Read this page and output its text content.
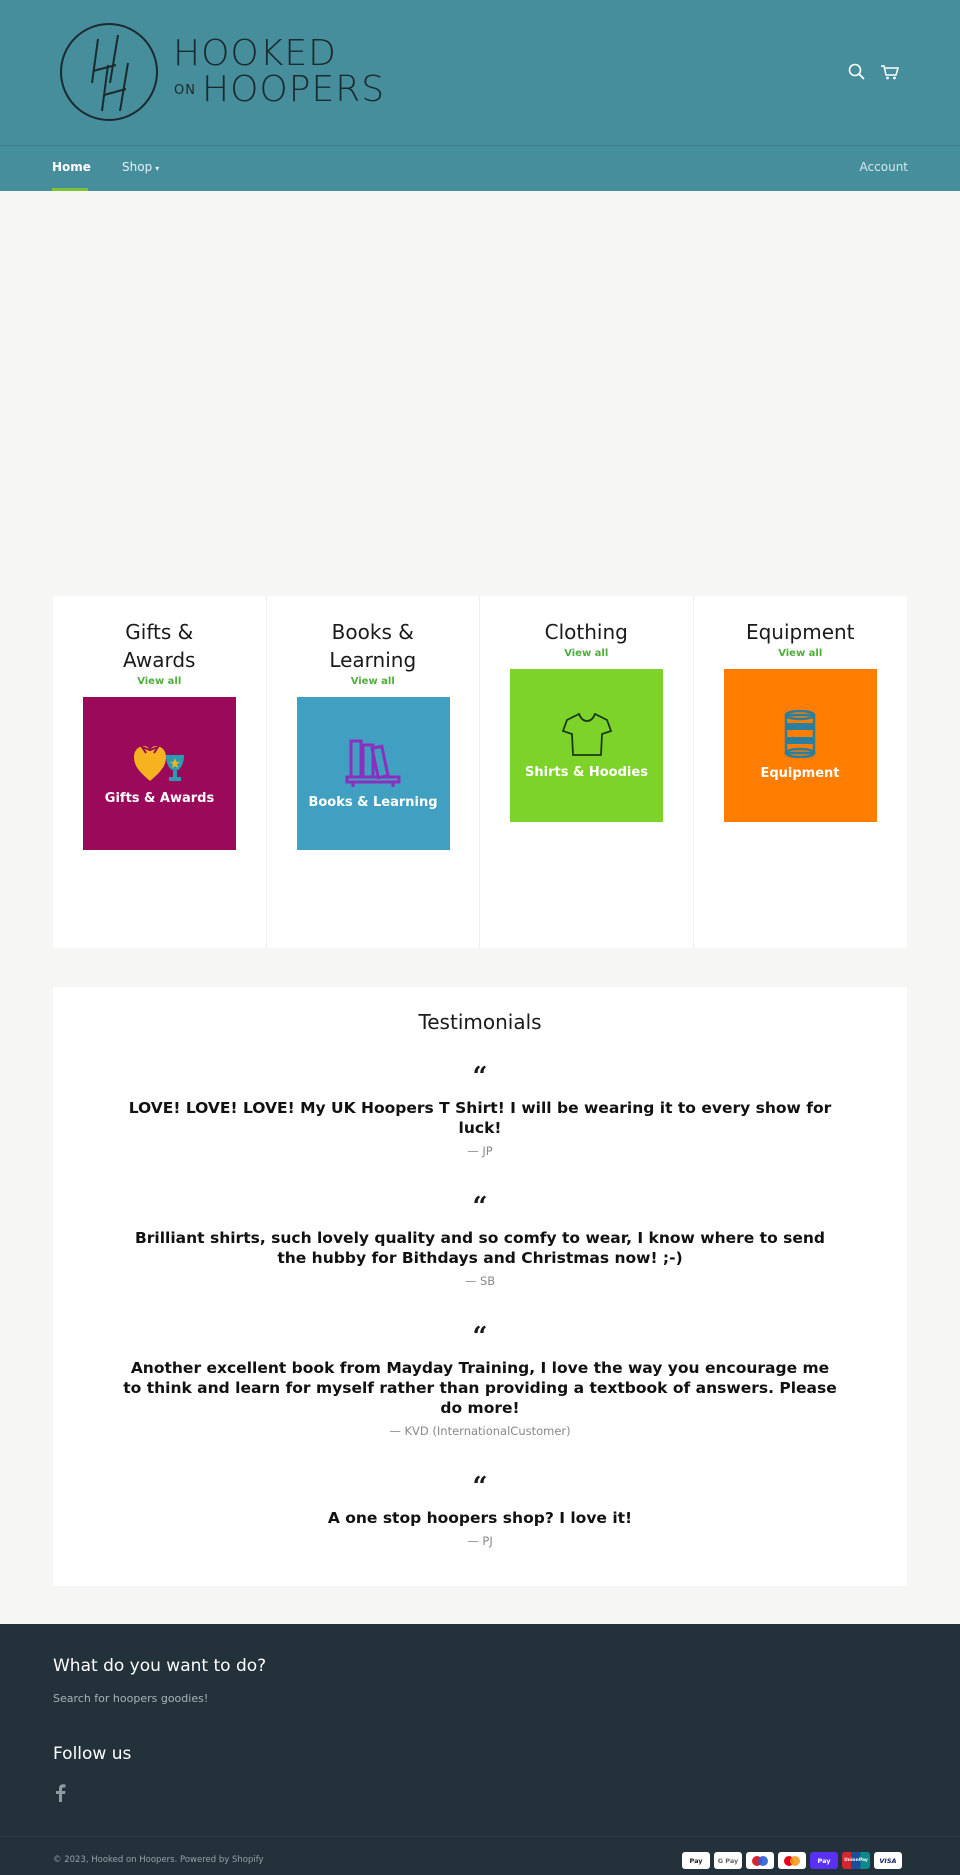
HOOKED
ON HOOPERS
Home	Shop ▾	Account
Gifts & Awards
View all
Gifts & Awards
Books & Learning
View all
Books & Learning
Clothing
View all
Shirts & Hoodies
Equipment
View all
Equipment
Testimonials
“
LOVE! LOVE! LOVE! My UK Hoopers T Shirt! I will be wearing it to every show for luck!
— JP
“
Brilliant shirts, such lovely quality and so comfy to wear, I know where to send the hubby for Bithdays and Christmas now! ;-)
— SB
“
Another excellent book from Mayday Training, I love the way you encourage me to think and learn for myself rather than providing a textbook of answers. Please do more!
— KVD (InternationalCustomer)
“
A one stop hoopers shop? I love it!
— PJ
What do you want to do?
Search for hoopers goodies!
Follow us
© 2023, Hooked on Hoopers. Powered by Shopify	Pay G Pay	Pay	UnionPay VISA
